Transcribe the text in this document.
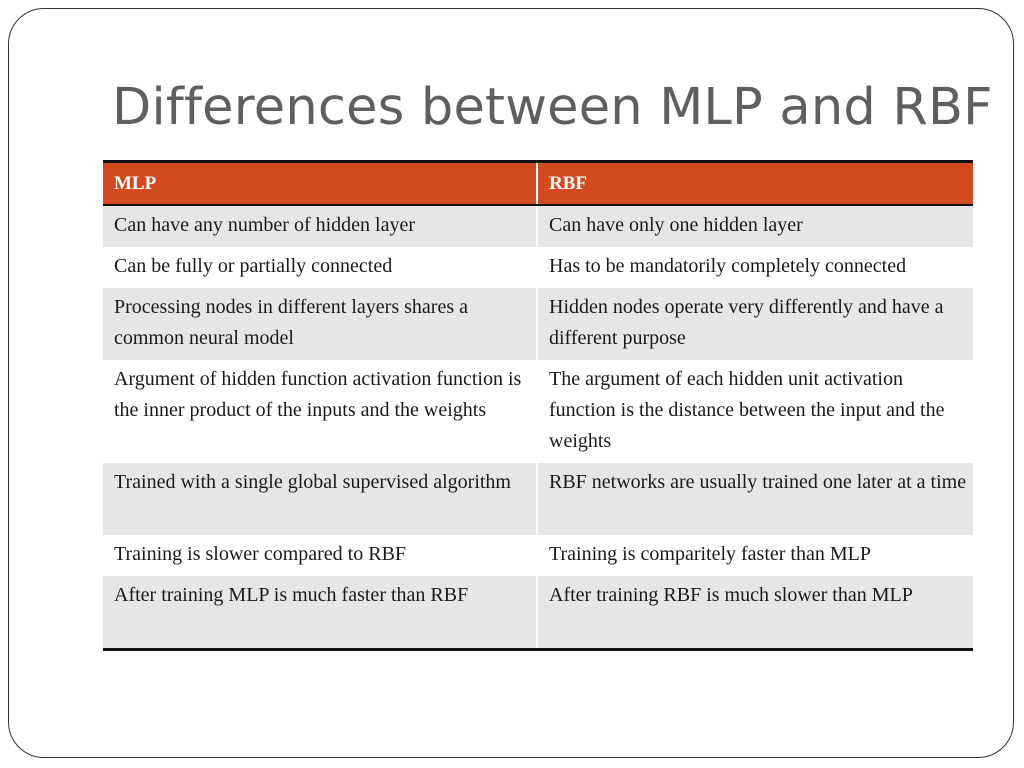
Differences between MLP and RBF
MLP	RBF
Can have any number of hidden layer	Can have only one hidden layer
Can be fully or partially connected	Has to be mandatorily completely connected
Processing nodes in different layers shares a common neural model	Hidden nodes operate very differently and have a different purpose
Argument of hidden function activation function is the inner product of the inputs and the weights	The argument of each hidden unit activation function is the distance between the input and the weights
Trained with a single global supervised algorithm	RBF networks are usually trained one later at a time
Training is slower compared to RBF	Training is comparitely faster than MLP
After training MLP is much faster than RBF	After training RBF is much slower than MLP
